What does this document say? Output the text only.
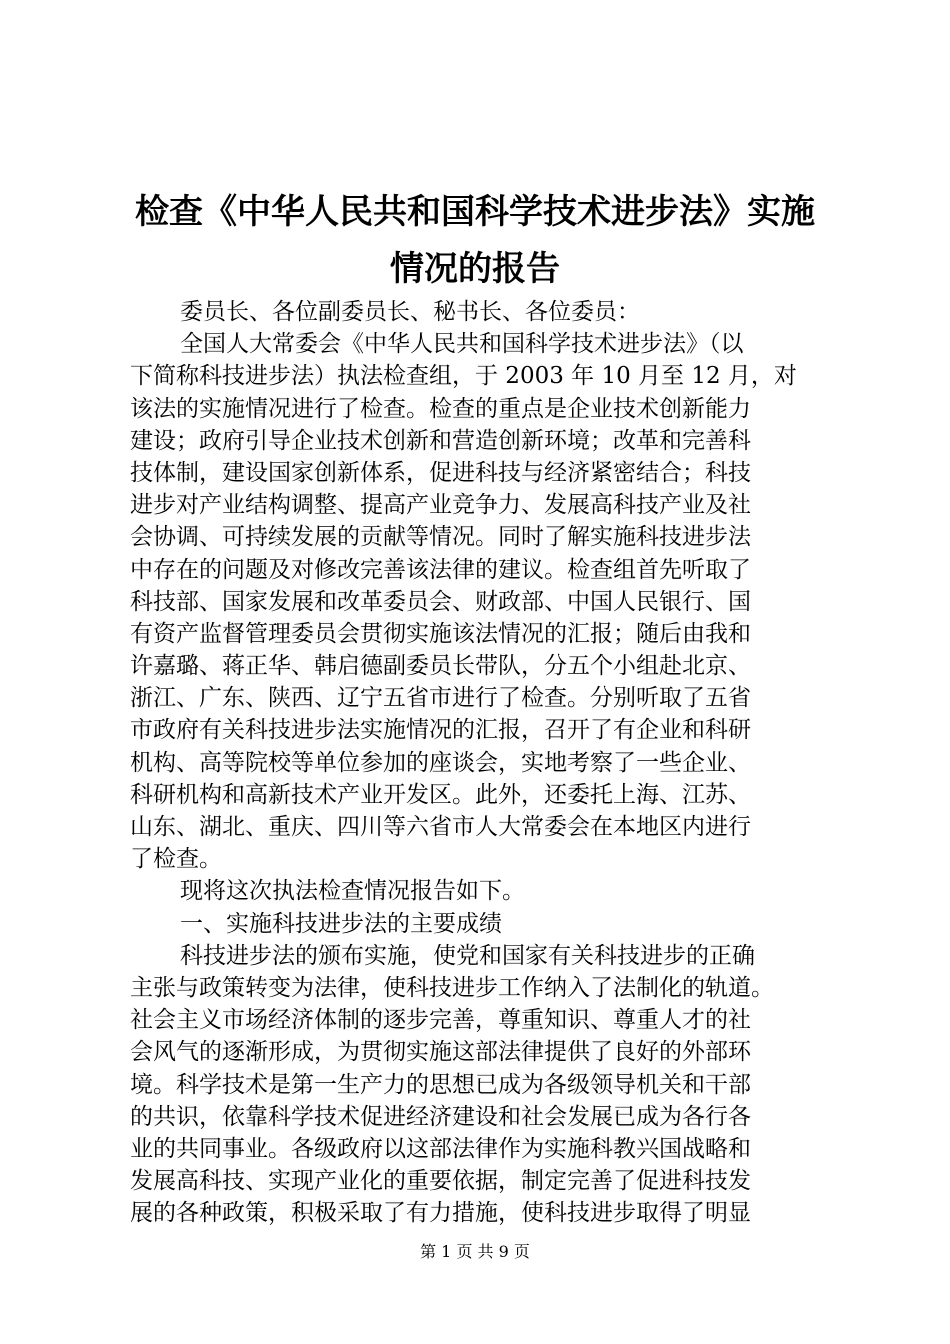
检查《中华人民共和国科学技术进步法》实施
情况的报告
委员长、各位副委员长、秘书长、各位委员：
全国人大常委会《中华人民共和国科学技术进步法》（以
下简称科技进步法）执法检查组，于 2003 年 10 月至 12 月，对
该法的实施情况进行了检查。检查的重点是企业技术创新能力
建设；政府引导企业技术创新和营造创新环境；改革和完善科
技体制，建设国家创新体系，促进科技与经济紧密结合；科技
进步对产业结构调整、提高产业竞争力、发展高科技产业及社
会协调、可持续发展的贡献等情况。同时了解实施科技进步法
中存在的问题及对修改完善该法律的建议。检查组首先听取了
科技部、国家发展和改革委员会、财政部、中国人民银行、国
有资产监督管理委员会贯彻实施该法情况的汇报；随后由我和
许嘉璐、蒋正华、韩启德副委员长带队，分五个小组赴北京、
浙江、广东、陕西、辽宁五省市进行了检查。分别听取了五省
市政府有关科技进步法实施情况的汇报，召开了有企业和科研
机构、高等院校等单位参加的座谈会，实地考察了一些企业、
科研机构和高新技术产业开发区。此外，还委托上海、江苏、
山东、湖北、重庆、四川等六省市人大常委会在本地区内进行
了检查。
现将这次执法检查情况报告如下。
一、实施科技进步法的主要成绩
科技进步法的颁布实施，使党和国家有关科技进步的正确
主张与政策转变为法律，使科技进步工作纳入了法制化的轨道。
社会主义市场经济体制的逐步完善，尊重知识、尊重人才的社
会风气的逐渐形成，为贯彻实施这部法律提供了良好的外部环
境。科学技术是第一生产力的思想已成为各级领导机关和干部
的共识，依靠科学技术促进经济建设和社会发展已成为各行各
业的共同事业。各级政府以这部法律作为实施科教兴国战略和
发展高科技、实现产业化的重要依据，制定完善了促进科技发
展的各种政策，积极采取了有力措施，使科技进步取得了明显
第 1 页 共 9 页
